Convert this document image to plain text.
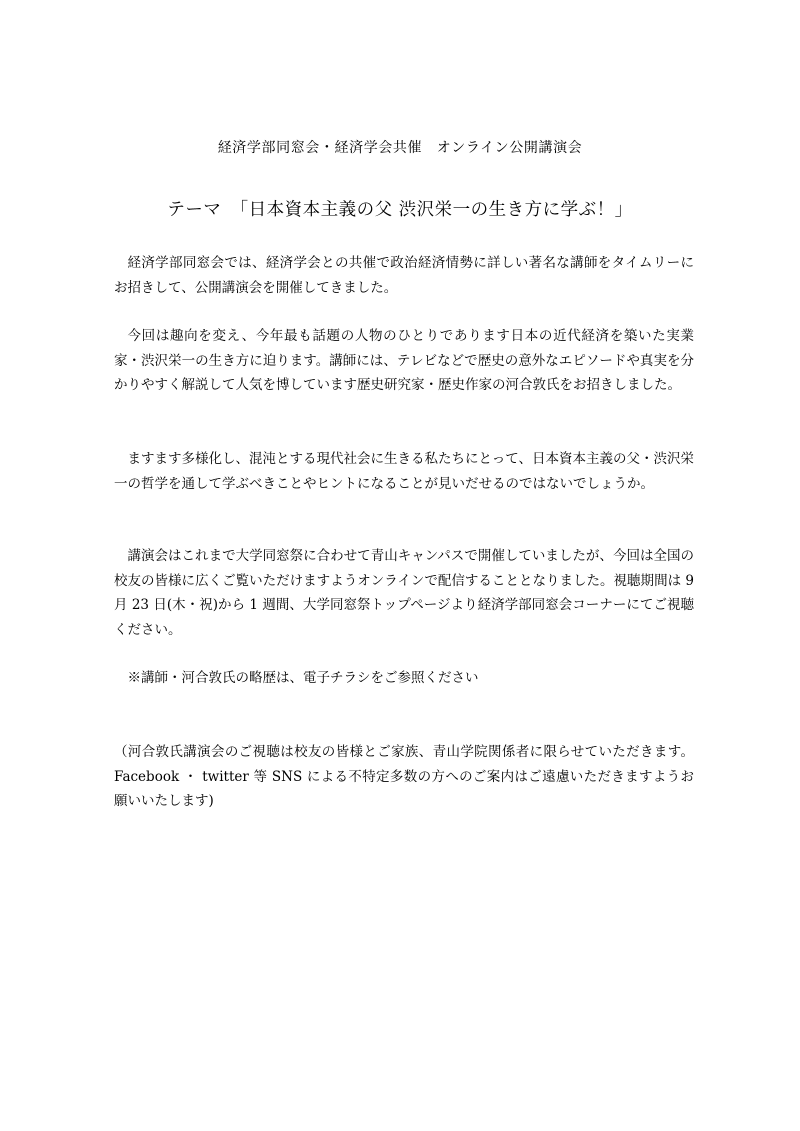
経済学部同窓会・経済学会共催　オンライン公開講演会
テーマ　「日本資本主義の父 渋沢栄一の生き方に学ぶ！」

経済学部同窓会では、経済学会との共催で政治経済情勢に詳しい著名な講師をタイムリーにお招きして、公開講演会を開催してきました。

今回は趣向を変え、今年最も話題の人物のひとりであります日本の近代経済を築いた実業家・渋沢栄一の生き方に迫ります。講師には、テレビなどで歴史の意外なエピソードや真実を分かりやすく解説して人気を博しています歴史研究家・歴史作家の河合敦氏をお招きしました。

ますます多様化し、混沌とする現代社会に生きる私たちにとって、日本資本主義の父・渋沢栄一の哲学を通して学ぶべきことやヒントになることが見いだせるのではないでしょうか。

講演会はこれまで大学同窓祭に合わせて青山キャンパスで開催していましたが、今回は全国の校友の皆様に広くご覧いただけますようオンラインで配信することとなりました。視聴期間は 9 月 23 日(木・祝)から 1 週間、大学同窓祭トップページより経済学部同窓会コーナーにてご視聴ください。

※講師・河合敦氏の略歴は、電子チラシをご参照ください

（河合敦氏講演会のご視聴は校友の皆様とご家族、青山学院関係者に限らせていただきます。Facebook ・ twitter 等 SNS による不特定多数の方へのご案内はご遠慮いただきますようお願いいたします)
